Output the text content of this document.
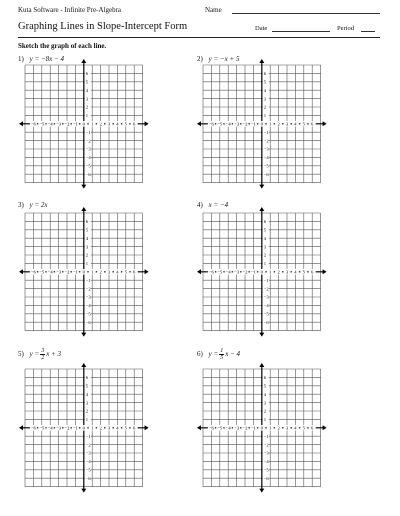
Kuta Software - Infinite Pre-Algebra	Name
Graphing Lines in Slope-Intercept Form	Date	Period
Sketch the graph of each line.
1) y = −8x − 4
−6 −5 −4 −3 −2 −1 0 1 2 3 4 5 6
6
5
4
3
2
1
−1
−2
−3
−4
−5
−6
2) y = −x + 5
−6 −5 −4 −3 −2 −1 0 1 2 3 4 5 6
6
5
4
3
2
1
−1
−2
−3
−4
−5
−6
3) y = 2x
−6 −5 −4 −3 −2 −1 0 1 2 3 4 5 6
6
5
4
3
2
1
−1
−2
−3
−4
−5
−6
4) x = −4
−6 −5 −4 −3 −2 −1 0 1 2 3 4 5 6
6
5
4
3
2
1
−1
−2
−3
−4
−5
−6
5) $y = \frac{3}{2}$ x + 3
−6 −5 −4 −3 −2 −1 0 1 2 3 4 5 6
6
5
4
3
2
1
−1
−2
−3
−4
−5
−6
6) $y = \frac{1}{5}$ x − 4
−6 −5 −4 −3 −2 −1 0 1 2 3 4 5 6
6
5
4
3
2
1
−1
−2
−3
−4
−5
−6
